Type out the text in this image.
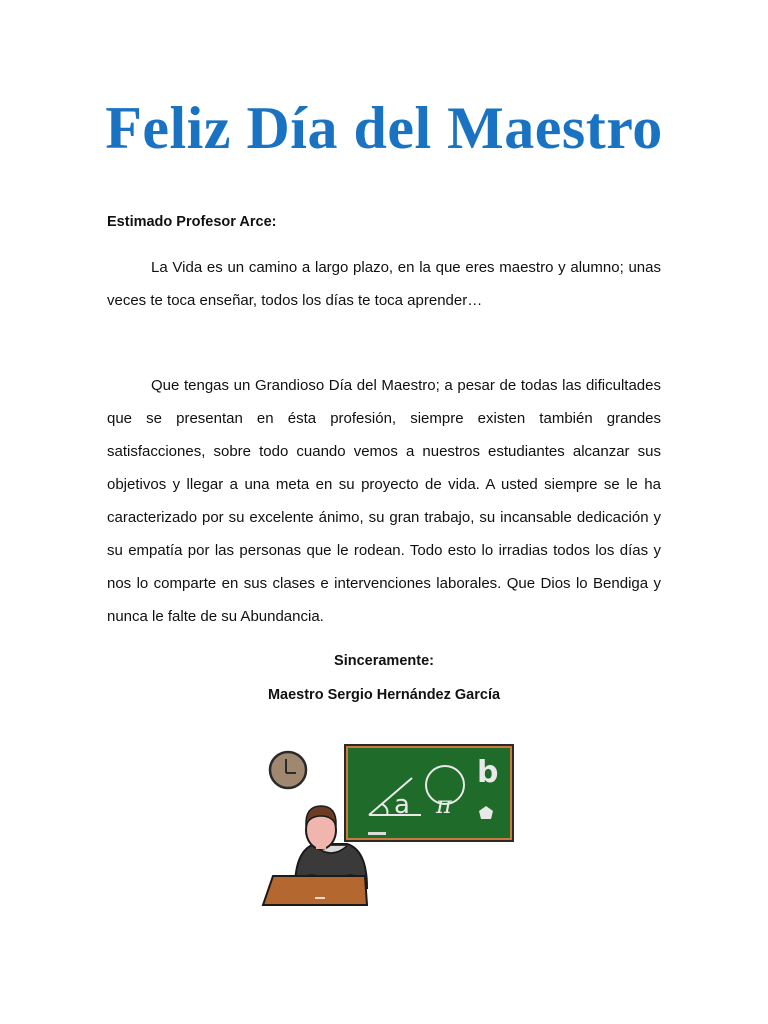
Feliz Día del Maestro
Estimado Profesor Arce:
La Vida es un camino a largo plazo, en la que eres maestro y alumno; unas veces te toca enseñar, todos los días te toca aprender…
Que tengas un Grandioso Día del Maestro; a pesar de todas las dificultades que se presentan en ésta profesión, siempre existen también grandes satisfacciones, sobre todo cuando vemos a nuestros estudiantes alcanzar sus objetivos y llegar a una meta en su proyecto de vida. A usted siempre se le ha caracterizado por su excelente ánimo, su gran trabajo, su incansable dedicación y su empatía por las personas que le rodean. Todo esto lo irradias todos los días y nos lo comparte en sus clases e intervenciones laborales. Que Dios lo Bendiga y nunca le falte de su Abundancia.
Sinceramente:
Maestro Sergio Hernández García
a π
b
